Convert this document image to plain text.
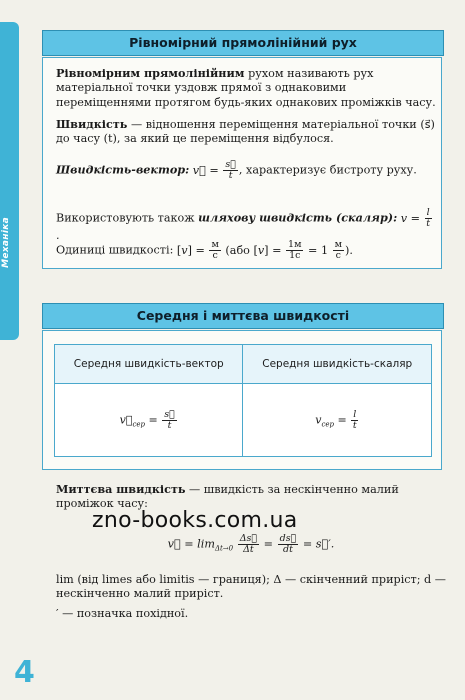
Механіка
Рівномірний прямолінійний рух
Рівномірним прямолінійним рухом називають рух матеріальної точки уздовж прямої з однаковими переміщеннями протягом будь-яких однакових проміжків часу.
Швидкість — відношення переміщення матеріальної точки (s⃗) до часу (t), за який це переміщення відбулося.
Швидкість-вектор: v⃗ = $\frac{s⃗}{t}$ , характеризує бистроту руху.
Використовують також шляхову швидкість (скаляр): $v = \frac{l}{t}$
.
Одиниці швидкості: $[v] = \frac{м}{с} (або$ $[v] = \frac{1м}{1с} = 1 \frac{м}{с}$ ).
Середня і миттєва швидкості
Середня швидкість-вектор	Середня швидкість-скаляр
$v⃗_{сер} = \frac{s⃗}{t}$	$v_{сер} = \frac{l}{t}$
Миттєва швидкість — швидкість за нескінченно малий проміжок часу:
zno-books.com.ua
v⃗ = $\lim_{\Delta t\to 0} \frac{\Delta s⃗}{\Delta t} = \frac{ds⃗}{dt}$ = s⃗′.
lim (від limes або limitis — границя); Δ — скінченний приріст; d — нескінченно малий приріст.
′ — позначка похідної.
4
